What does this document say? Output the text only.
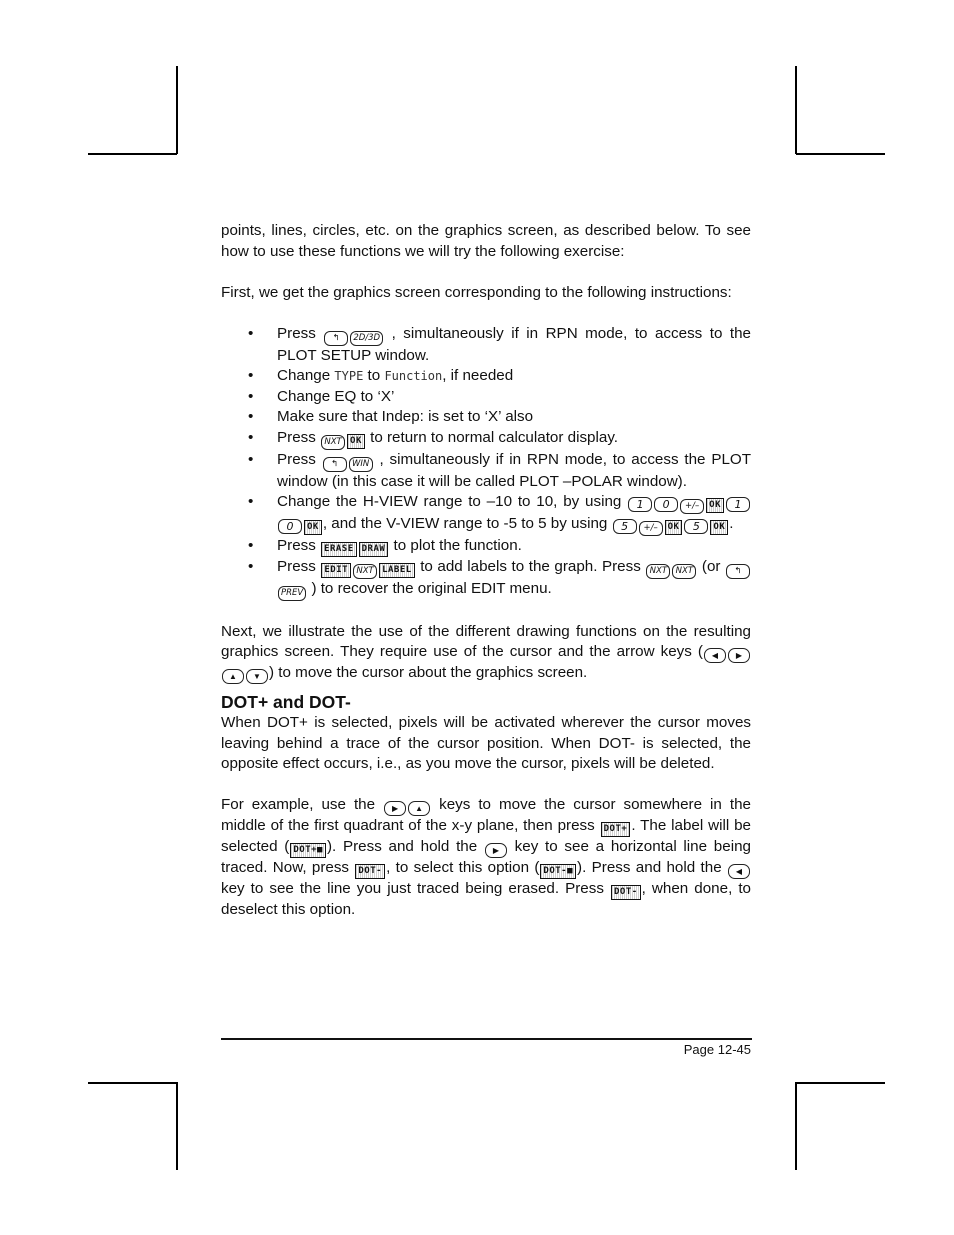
points, lines, circles, etc. on the graphics screen, as described below. To see how to use these functions we will try the following exercise:

First, we get the graphics screen corresponding to the following instructions:

• Press ↰ 2D/3D , simultaneously if in RPN mode, to access to the PLOT SETUP window.
• Change TYPE to Function, if needed
• Change EQ to ‘X’
• Make sure that Indep: is set to ‘X’ also
• Press NXT OK to return to normal calculator display.
• Press ↰ WIN , simultaneously if in RPN mode, to access the PLOT window (in this case it will be called PLOT –POLAR window).
• Change the H-VIEW range to –10 to 10, by using 1 0 +/– OK 10 OK , and the V-VIEW range to -5 to 5 by using 5 +/– OK 5 OK .
• Press ERASE DRAW to plot the function.
• Press EDIT NXT LABEL to add labels to the graph. Press NXT NXT (or ↰PREV ) to recover the original EDIT menu.

Next, we illustrate the use of the different drawing functions on the resulting graphics screen. They require use of the cursor and the arrow keys ( ◀ ▶▲ ▼ ) to move the cursor about the graphics screen.

DOT+ and DOT-

When DOT+ is selected, pixels will be activated wherever the cursor moves leaving behind a trace of the cursor position. When DOT- is selected, the opposite effect occurs, i.e., as you move the cursor, pixels will be deleted.

For example, use the ▶ ▲ keys to move the cursor somewhere in the middle of the first quadrant of the x-y plane, then press DOT+ . The label will be selected ( DOT+■ ). Press and hold the ▶ key to see a horizontal line being traced. Now, press DOT- , to select this option ( DOT-■ ). Press and hold the ◀ key to see the line you just traced being erased. Press DOT- , when done, to deselect this option.

Page 12-45
